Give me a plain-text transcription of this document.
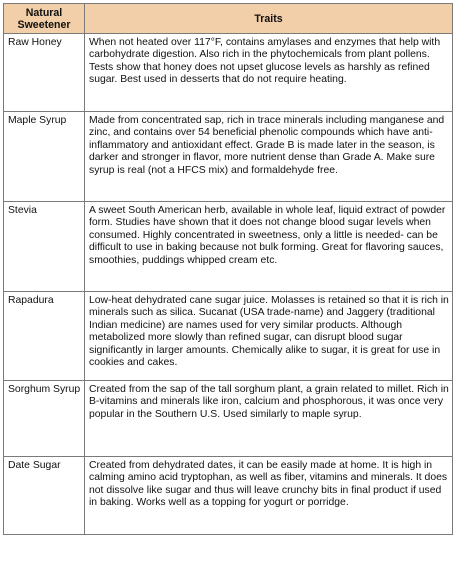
Natural Sweetener	Traits
Raw Honey	When not heated over 117°F, contains amylases and enzymes that help with carbohydrate digestion. Also rich in the phytochemicals from plant pollens. Tests show that honey does not upset glucose levels as harshly as refined sugar. Best used in desserts that do not require heating.
Maple Syrup	Made from concentrated sap, rich in trace minerals including manganese and zinc, and contains over 54 beneficial phenolic compounds which have anti-inflammatory and antioxidant effect. Grade B is made later in the season, is darker and stronger in flavor, more nutrient dense than Grade A. Make sure syrup is real (not a HFCS mix) and formaldehyde free.
Stevia	A sweet South American herb, available in whole leaf, liquid extract of powder form. Studies have shown that it does not change blood sugar levels when consumed. Highly concentrated in sweetness, only a little is needed- can be difficult to use in baking because not bulk forming. Great for flavoring sauces, smoothies, puddings whipped cream etc.
Rapadura	Low-heat dehydrated cane sugar juice. Molasses is retained so that it is rich in minerals such as silica. Sucanat (USA trade-name) and Jaggery (traditional Indian medicine) are names used for very similar products. Although metabolized more slowly than refined sugar, can disrupt blood sugar significantly in larger amounts. Chemically alike to sugar, it is great for use in cookies and cakes.
Sorghum Syrup	Created from the sap of the tall sorghum plant, a grain related to millet. Rich in B-vitamins and minerals like iron, calcium and phosphorous, it was once very popular in the Southern U.S. Used similarly to maple syrup.
Date Sugar	Created from dehydrated dates, it can be easily made at home. It is high in calming amino acid tryptophan, as well as fiber, vitamins and minerals. It does not dissolve like sugar and thus will leave crunchy bits in final product if used in baking. Works well as a topping for yogurt or porridge.
